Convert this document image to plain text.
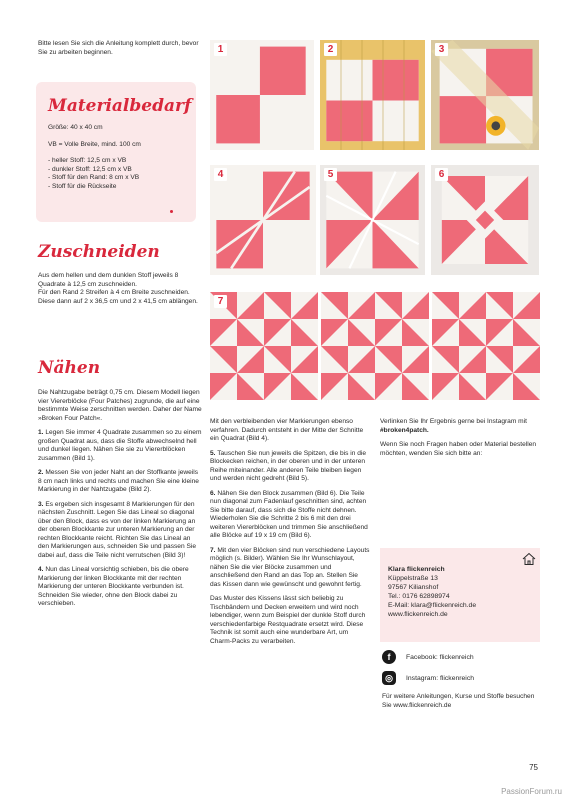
Bitte lesen Sie sich die Anleitung komplett durch, bevor Sie zu arbeiten beginnen.
Materialbedarf
Größe: 40 x 40 cm
VB = Volle Breite, mind. 100 cm
- heller Stoff: 12,5 cm x VB
- dunkler Stoff: 12,5 cm x VB
- Stoff für den Rand: 8 cm x VB
- Stoff für die Rückseite
Zuschneiden
Aus dem hellen und dem dunklen Stoff jeweils 8 Quadrate à 12,5 cm zuschneiden.
Für den Rand 2 Streifen à 4 cm Breite zuschneiden. Diese dann auf 2 x 36,5 cm und 2 x 41,5 cm ablängen.
Nähen

Die Nahtzugabe beträgt 0,75 cm. Diesem Modell liegen vier Viererblöcke (Four Patches) zugrunde, die auf eine bestimmte Weise zerschnitten werden. Daher der Name »Broken Four Patch«.

1. Legen Sie immer 4 Quadrate zusammen so zu einem großen Quadrat aus, dass die Stoffe abwechselnd hell und dunkel liegen. Nähen Sie sie zu Viererblöcken zusammen (Bild 1).

2. Messen Sie von jeder Naht an der Stoffkante jeweils 8 cm nach links und rechts und machen Sie eine kleine Markierung in der Nahtzugabe (Bild 2).

3. Es ergeben sich insgesamt 8 Markierungen für den nächsten Zuschnitt. Legen Sie das Lineal so diagonal über den Block, dass es von der linken Markierung an der oberen Blockkante zur unteren Markierung an der rechten Blockkante reicht. Richten Sie das Lineal an den Markierungen aus, schneiden Sie und passen Sie dabei auf, dass die Teile nicht verrutschen (Bild 3)!

4. Nun das Lineal vorsichtig schieben, bis die obere Markierung der linken Blockkante mit der rechten Markierung der unteren Blockkante verbunden ist. Schneiden Sie wieder, ohne den Block dabei zu verschieben.

Mit den verbleibenden vier Markierungen ebenso verfahren. Dadurch entsteht in der Mitte der Schnitte ein Quadrat (Bild 4).

5. Tauschen Sie nun jeweils die Spitzen, die bis in die Blockecken reichen, in der oberen und in der unteren Reihe miteinander. Alle anderen Teile bleiben liegen und werden nicht gedreht (Bild 5).

6. Nähen Sie den Block zusammen (Bild 6). Die Teile nun diagonal zum Fadenlauf geschnitten sind, achten Sie bitte darauf, dass sich die Stoffe nicht dehnen. Wiederholen Sie die Schritte 2 bis 6 mit den drei weiteren Viererblöcken und trimmen Sie anschließend alle Blöcke auf 19 x 19 cm (Bild 6).

7. Mit den vier Blöcken sind nun verschiedene Layouts möglich (s. Bilder). Wählen Sie Ihr Wunschlayout, nähen Sie die vier Blöcke zusammen und anschließend den Rand an das Top an. Stellen Sie das Kissen dann wie gewünscht und gewohnt fertig.

Das Muster des Kissens lässt sich beliebig zu Tischbändern und Decken erweitern und wird noch lebendiger, wenn zum Beispiel der dunkle Stoff durch verschiedenfarbige Restquadrate ersetzt wird. Diese Technik ist somit auch eine wunderbare Art, um Charm-Packs zu verarbeiten.

Verlinken Sie Ihr Ergebnis gerne bei Instagram mit #broken4patch.

Wenn Sie noch Fragen haben oder Material bestellen möchten, wenden Sie sich bitte an:

Klara flickenreich
Küppelstraße 13
97567 Kilianshof
Tel.: 0176 62898974
E-Mail: klara@flickenreich.de
www.flickenreich.de
f	Facebook: flickenreich
◎	Instagram: flickenreich
Für weitere Anleitungen, Kurse und Stoffe besuchen Sie www.flickenreich.de
1	2	3
4	5	6
7
75
PassionForum.ru
